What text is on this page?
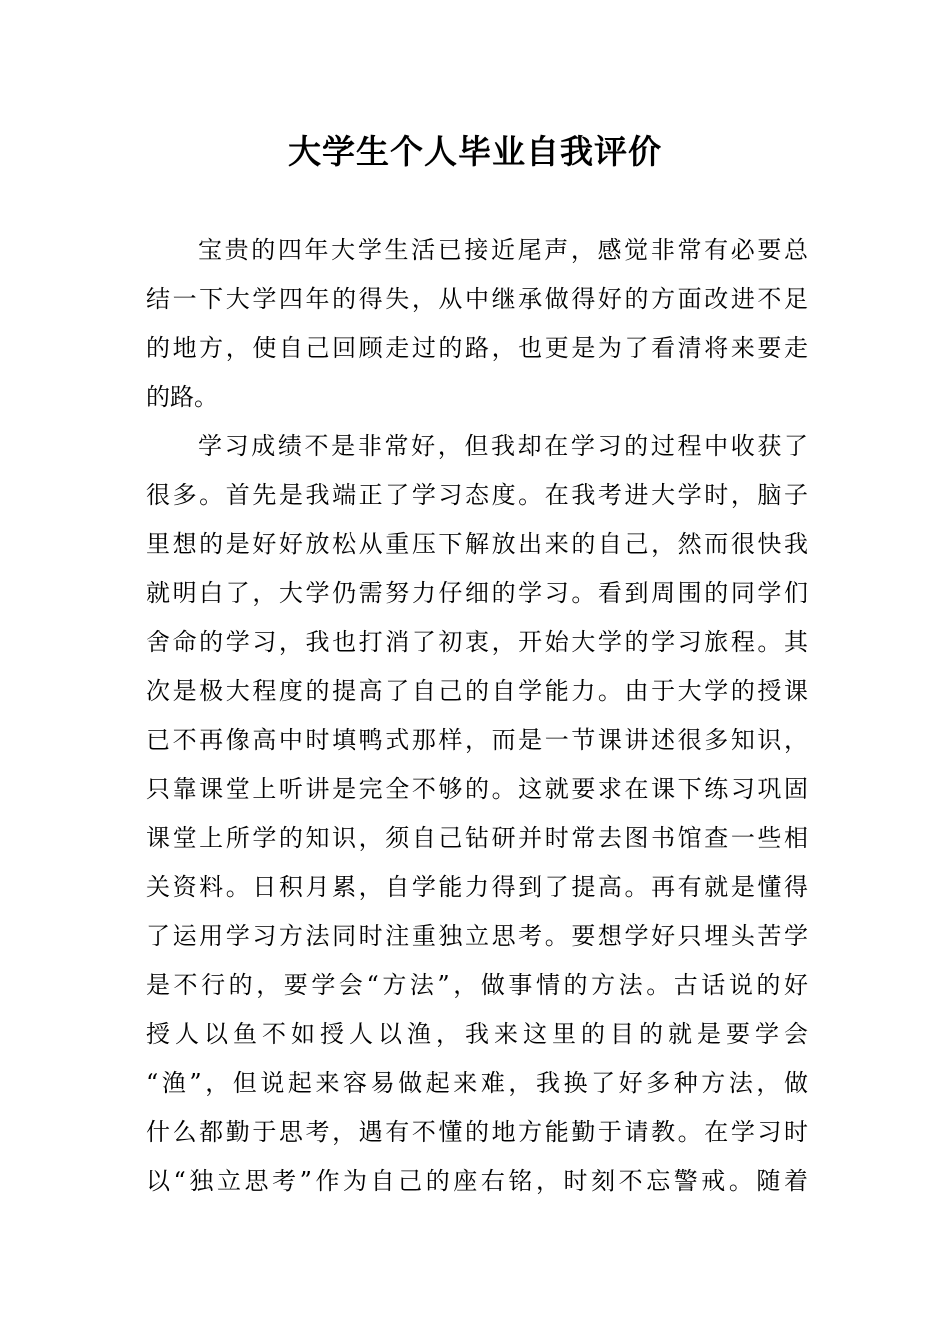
大学生个人毕业自我评价
宝贵的四年大学生活已接近尾声，感觉非常有必要总
结一下大学四年的得失，从中继承做得好的方面改进不足
的地方，使自己回顾走过的路，也更是为了看清将来要走
的路。
学习成绩不是非常好，但我却在学习的过程中收获了
很多。首先是我端正了学习态度。在我考进大学时，脑子
里想的是好好放松从重压下解放出来的自己，然而很快我
就明白了，大学仍需努力仔细的学习。看到周围的同学们
舍命的学习，我也打消了初衷，开始大学的学习旅程。其
次是极大程度的提高了自己的自学能力。由于大学的授课
已不再像高中时填鸭式那样，而是一节课讲述很多知识，
只靠课堂上听讲是完全不够的。这就要求在课下练习巩固
课堂上所学的知识，须自己钻研并时常去图书馆查一些相
关资料。日积月累，自学能力得到了提高。再有就是懂得
了运用学习方法同时注重独立思考。要想学好只埋头苦学
是不行的，要学会“方法”，做事情的方法。古话说的好
授人以鱼不如授人以渔，我来这里的目的就是要学会
“渔”，但说起来容易做起来难，我换了好多种方法，做
什么都勤于思考，遇有不懂的地方能勤于请教。在学习时
以“独立思考”作为自己的座右铭，时刻不忘警戒。随着
